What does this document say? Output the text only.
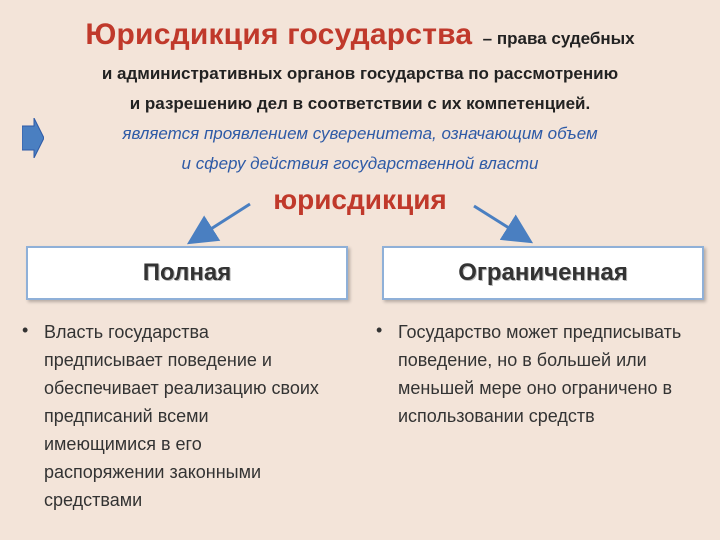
Юрисдикция государства – права судебных
и административных органов государства по рассмотрению
и разрешению дел в соответствии с их компетенцией.
является проявлением суверенитета, означающим объем
и сферу действия государственной власти
юрисдикция
Полная	Ограниченная
• Власть государства предписывает поведение и обеспечивает реализацию своих предписаний всеми имеющимися в его распоряжении законными средствами
• Государство может предписывать поведение, но в большей или меньшей мере оно ограничено в использовании средств
